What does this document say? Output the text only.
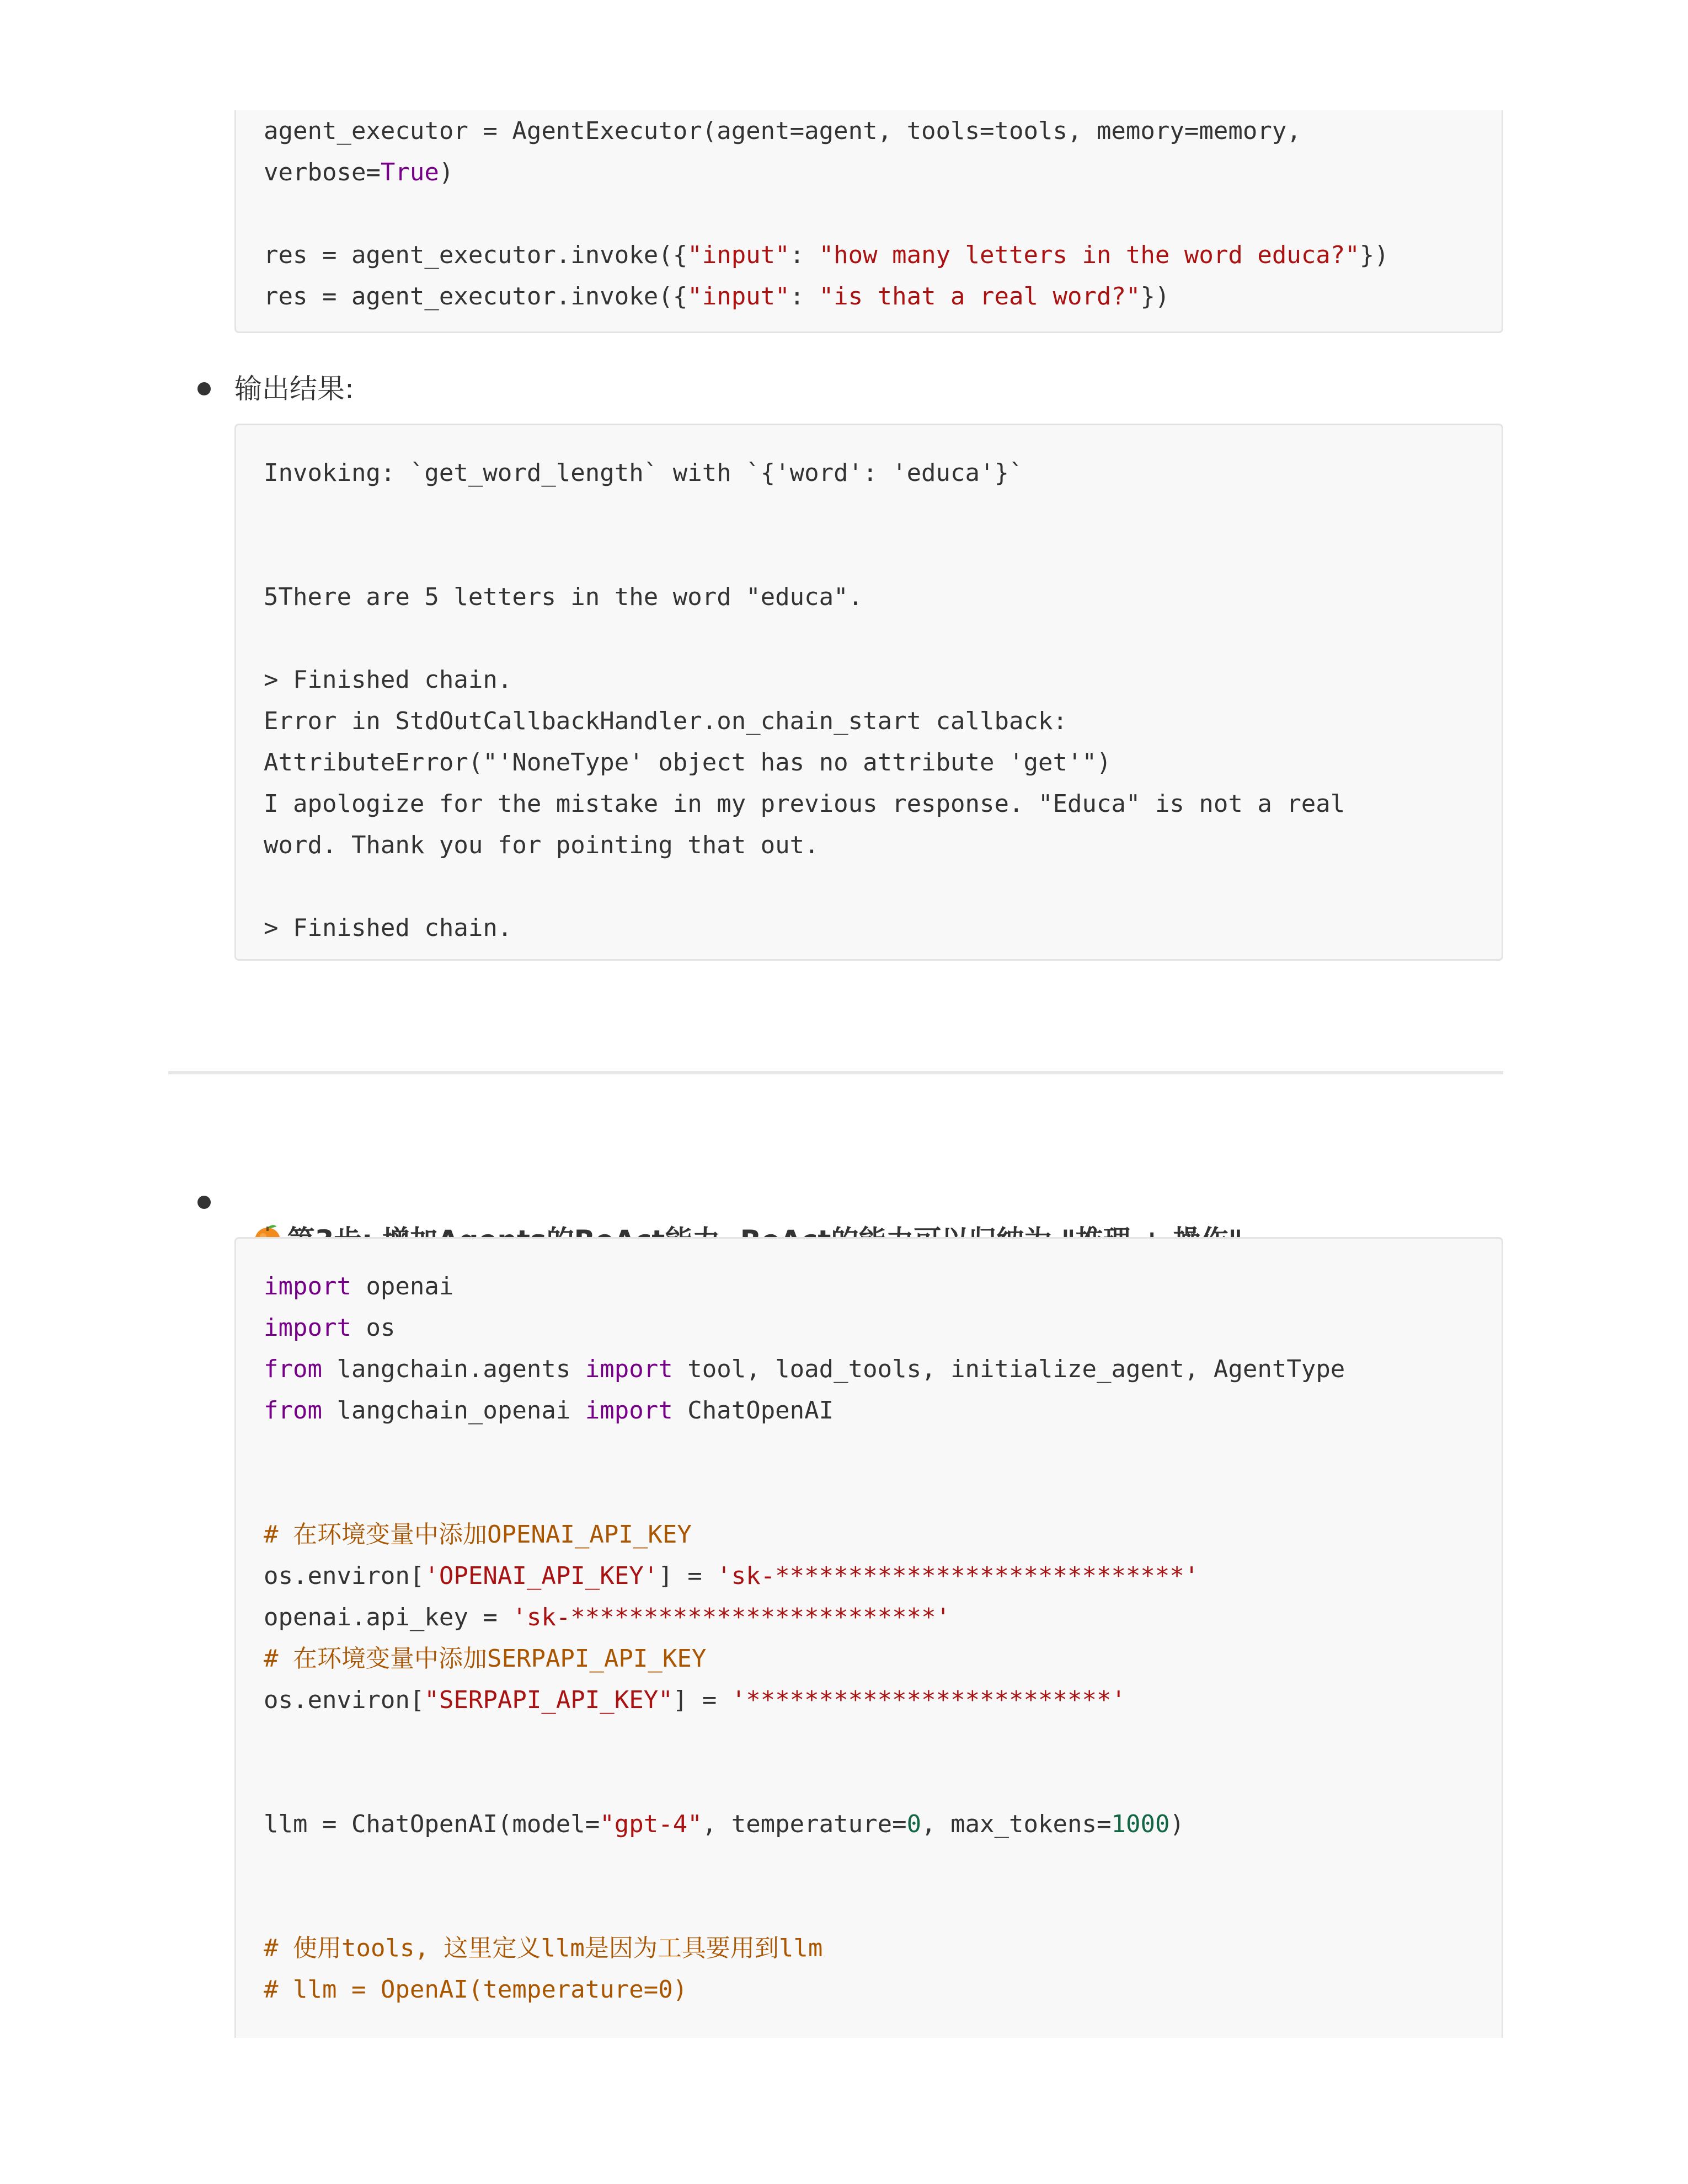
agent_executor = AgentExecutor(agent=agent, tools=tools, memory=memory,
verbose=True)
res = agent_executor.invoke({"input": "how many letters in the word educa?"})
res = agent_executor.invoke({"input": "is that a real word?"})
输出结果:
Invoking: `get_word_length` with `{'word': 'educa'}`
5There are 5 letters in the word "educa".
> Finished chain.
Error in StdOutCallbackHandler.on_chain_start callback:
AttributeError("'NoneType' object has no attribute 'get'")
I apologize for the mistake in my previous response. "Educa" is not a real
word. Thank you for pointing that out.
> Finished chain.

import openai
import os
from langchain.agents import tool, load_tools, initialize_agent, AgentType
from langchain_openai import ChatOpenAI
# 在环境变量中添加OPENAI_API_KEY
os.environ['OPENAI_API_KEY'] = 'sk-****************************'
openai.api_key = 'sk-*************************'
# 在环境变量中添加SERPAPI_API_KEY
os.environ["SERPAPI_API_KEY"] = '*************************'
llm = ChatOpenAI(model="gpt-4", temperature=0, max_tokens=1000)
# 使用tools, 这里定义llm是因为工具要用到llm
# llm = OpenAI(temperature=0)
